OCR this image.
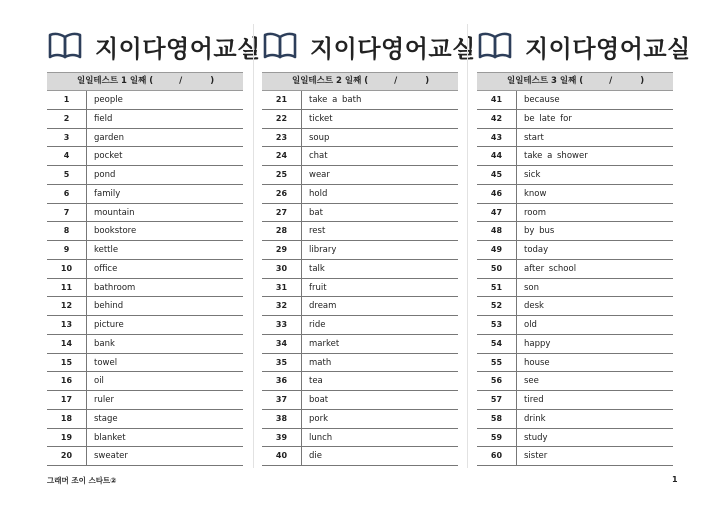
지이다영어교실
일일테스트 1 일째 (	/	)
1	people
2	field
3	garden
4	pocket
5	pond
6	family
7	mountain
8	bookstore
9	kettle
10	office
11	bathroom
12	behind
13	picture
14	bank
15	towel
16	oil
17	ruler
18	stage
19	blanket
20	sweater
지이다영어교실
일일테스트 2 일째 (	/	)
21	take a bath
22	ticket
23	soup
24	chat
25	wear
26	hold
27	bat
28	rest
29	library
30	talk
31	fruit
32	dream
33	ride
34	market
35	math
36	tea
37	boat
38	pork
39	lunch
40	die
지이다영어교실
일일테스트 3 일째 (	/	)
41	because
42	be late for
43	start
44	take a shower
45	sick
46	know
47	room
48	by bus
49	today
50	after school
51	son
52	desk
53	old
54	happy
55	house
56	see
57	tired
58	drink
59	study
60	sister
그래머 조이 스타트②	1
